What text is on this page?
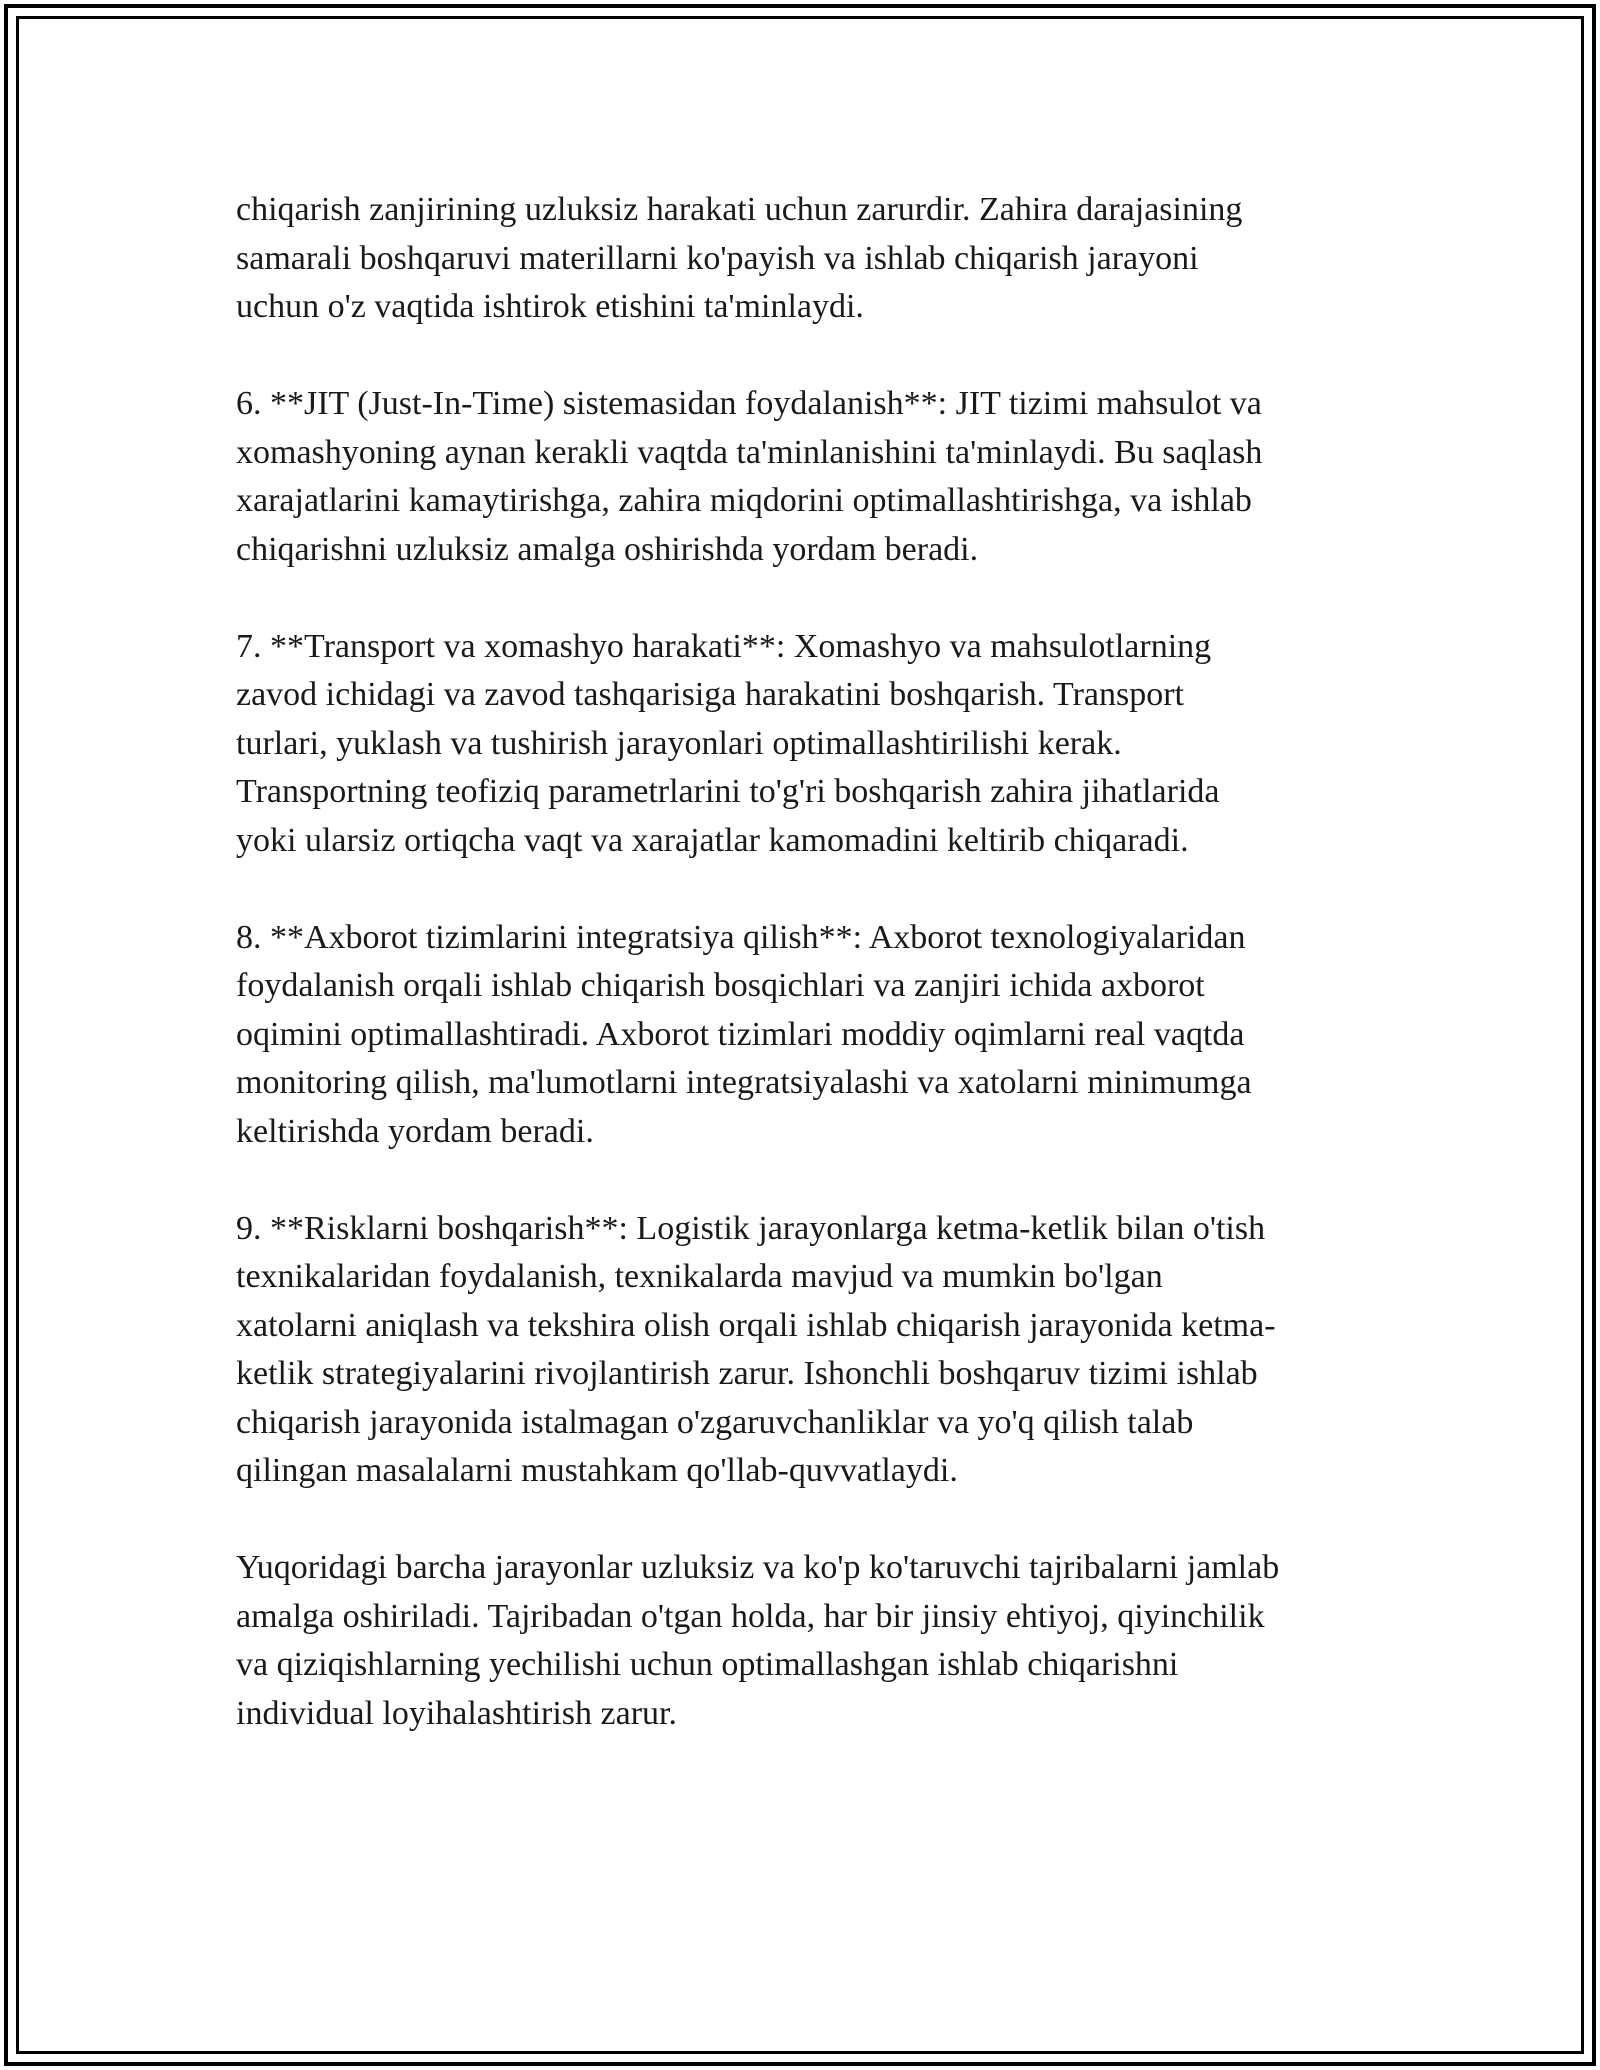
chiqarish zanjirining uzluksiz harakati uchun zarurdir. Zahira darajasining
samarali boshqaruvi materillarni ko'payish va ishlab chiqarish jarayoni
uchun o'z vaqtida ishtirok etishini ta'minlaydi.

6. **JIT (Just-In-Time) sistemasidan foydalanish**: JIT tizimi mahsulot va
xomashyoning aynan kerakli vaqtda ta'minlanishini ta'minlaydi. Bu saqlash
xarajatlarini kamaytirishga, zahira miqdorini optimallashtirishga, va ishlab
chiqarishni uzluksiz amalga oshirishda yordam beradi.

7. **Transport va xomashyo harakati**: Xomashyo va mahsulotlarning
zavod ichidagi va zavod tashqarisiga harakatini boshqarish. Transport
turlari, yuklash va tushirish jarayonlari optimallashtirilishi kerak.
Transportning teofiziq parametrlarini to'g'ri boshqarish zahira jihatlarida
yoki ularsiz ortiqcha vaqt va xarajatlar kamomadini keltirib chiqaradi.

8. **Axborot tizimlarini integratsiya qilish**: Axborot texnologiyalaridan
foydalanish orqali ishlab chiqarish bosqichlari va zanjiri ichida axborot
oqimini optimallashtiradi. Axborot tizimlari moddiy oqimlarni real vaqtda
monitoring qilish, ma'lumotlarni integratsiyalashi va xatolarni minimumga
keltirishda yordam beradi.

9. **Risklarni boshqarish**: Logistik jarayonlarga ketma-ketlik bilan o'tish
texnikalaridan foydalanish, texnikalarda mavjud va mumkin bo'lgan
xatolarni aniqlash va tekshira olish orqali ishlab chiqarish jarayonida ketma-
ketlik strategiyalarini rivojlantirish zarur. Ishonchli boshqaruv tizimi ishlab
chiqarish jarayonida istalmagan o'zgaruvchanliklar va yo'q qilish talab
qilingan masalalarni mustahkam qo'llab-quvvatlaydi.

Yuqoridagi barcha jarayonlar uzluksiz va ko'p ko'taruvchi tajribalarni jamlab
amalga oshiriladi. Tajribadan o'tgan holda, har bir jinsiy ehtiyoj, qiyinchilik
va qiziqishlarning yechilishi uchun optimallashgan ishlab chiqarishni
individual loyihalashtirish zarur.
